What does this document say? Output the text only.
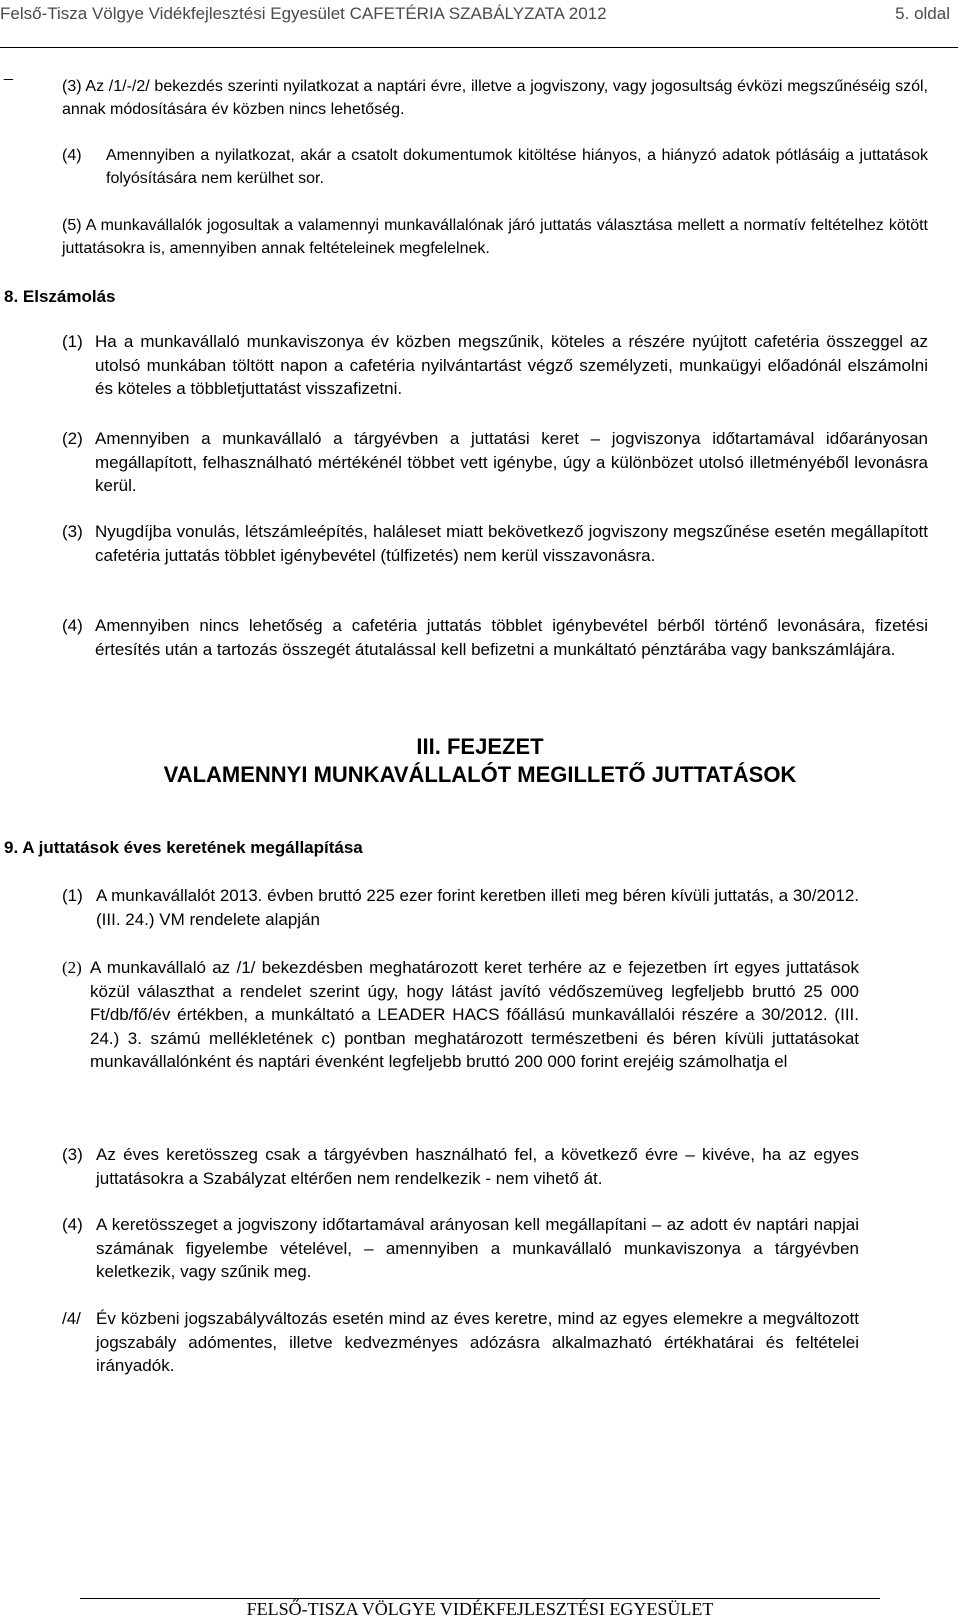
Felső-Tisza Völgye Vidékfejlesztési Egyesület CAFETÉRIA SZABÁLYZATA 2012	5. oldal
_
(3) Az /1/-/2/ bekezdés szerinti nyilatkozat a naptári évre, illetve a jogviszony, vagy jogosultság évközi megszűnéséig szól, annak módosítására év közben nincs lehetőség.
(4) Amennyiben a nyilatkozat, akár a csatolt dokumentumok kitöltése hiányos, a hiányzó adatok pótlásáig a juttatások folyósítására nem kerülhet sor.
(5) A munkavállalók jogosultak a valamennyi munkavállalónak járó juttatás választása mellett a normatív feltételhez kötött juttatásokra is, amennyiben annak feltételeinek megfelelnek.
8. Elszámolás
(1) Ha a munkavállaló munkaviszonya év közben megszűnik, köteles a részére nyújtott cafetéria összeggel az utolsó munkában töltött napon a cafetéria nyilvántartást végző személyzeti, munkaügyi előadónál elszámolni és köteles a többletjuttatást visszafizetni.
(2) Amennyiben a munkavállaló a tárgyévben a juttatási keret – jogviszonya időtartamával időarányosan megállapított, felhasználható mértékénél többet vett igénybe, úgy a különbözet utolsó illetményéből levonásra kerül.
(3) Nyugdíjba vonulás, létszámleépítés, haláleset miatt bekövetkező jogviszony megszűnése esetén megállapított cafetéria juttatás többlet igénybevétel (túlfizetés) nem kerül visszavonásra.
(4) Amennyiben nincs lehetőség a cafetéria juttatás többlet igénybevétel bérből történő levonására, fizetési értesítés után a tartozás összegét átutalással kell befizetni a munkáltató pénztárába vagy bankszámlájára.
III. FEJEZET
VALAMENNYI MUNKAVÁLLALÓT MEGILLETŐ JUTTATÁSOK
9. A juttatások éves keretének megállapítása
(1) A munkavállalót 2013. évben bruttó 225 ezer forint keretben illeti meg béren kívüli juttatás, a 30/2012. (III. 24.) VM rendelete alapján
(2) A munkavállaló az /1/ bekezdésben meghatározott keret terhére az e fejezetben írt egyes juttatások közül választhat a rendelet szerint úgy, hogy látást javító védőszemüveg legfeljebb bruttó 25 000 Ft/db/fő/év értékben, a munkáltató a LEADER HACS főállású munkavállalói részére a 30/2012. (III. 24.) 3. számú mellékletének c) pontban meghatározott természetbeni és béren kívüli juttatásokat munkavállalónként és naptári évenként legfeljebb bruttó 200 000 forint erejéig számolhatja el
(3) Az éves keretösszeg csak a tárgyévben használható fel, a következő évre – kivéve, ha az egyes juttatásokra a Szabályzat eltérően nem rendelkezik - nem vihető át.
(4) A keretösszeget a jogviszony időtartamával arányosan kell megállapítani – az adott év naptári napjai számának figyelembe vételével, – amennyiben a munkavállaló munkaviszonya a tárgyévben keletkezik, vagy szűnik meg.
/4/ Év közbeni jogszabályváltozás esetén mind az éves keretre, mind az egyes elemekre a megváltozott jogszabály adómentes, illetve kedvezményes adózásra alkalmazható értékhatárai és feltételei irányadók.
FELSŐ-TISZA VÖLGYE VIDÉKFEJLESZTÉSI EGYESÜLET
